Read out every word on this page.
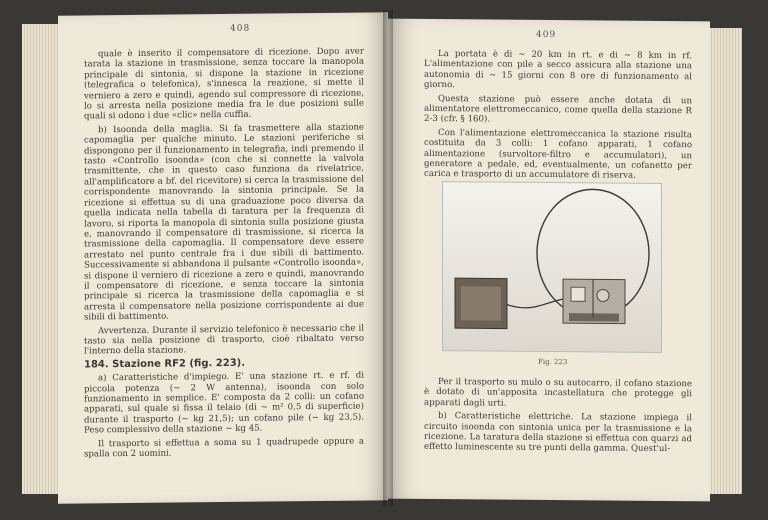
408

quale è inserito il compensatore di ricezione. Dopo aver tarata la stazione in trasmissione, senza toccare la manopola principale di sintonia, si dispone la stazione in ricezione (telegrafica o telefonica), s'innesca la reazione, si mette il verniero a zero e quindi, agendo sul compressore di ricezione, lo si arresta nella posizione media fra le due posizioni sulle quali si odono i due «clic» nella cuffia.

b) Isoonda della maglia. Si fa trasmettere alla stazione capomaglia per qualche minuto. Le stazioni periferiche si dispongono per il funzionamento in telegrafia, indi premendo il tasto «Controllo isoonda» (con che si connette la valvola trasmittente, che in questo caso funziona da rivelatrice, all'amplificatore a bf. del ricevitore) si cerca la trasmissione del corrispondente manovrando la sintonia principale. Se la ricezione si effettua su di una graduazione poco diversa da quella indicata nella tabella di taratura per la frequenza di lavoro, si riporta la manopola di sintonia sulla posizione giusta e, manovrando il compensatore di trasmissione, si ricerca la trasmissione della capomaglia. Il compensatore deve essere arrestato nel punto centrale fra i due sibili di battimento. Successivamente si abbandona il pulsante «Controllo isoonda», si dispone il verniero di ricezione a zero e quindi, manovrando il compensatore di ricezione, e senza toccare la sintonia principale si ricerca la trasmissione della capomaglia e si arresta il compensatore nella posizione corrispondente ai due sibili di battimento.

Avvertenza. Durante il servizio telefonico è necessario che il tasto sia nella posizione di trasporto, cioè ribaltato verso l'interno della stazione.

184. Stazione RF2 (fig. 223).

a) Caratteristiche d'impiego. E' una stazione rt. e rf. di piccola potenza (~ 2 W antenna), isoonda con solo funzionamento in semplice. E' composta da 2 colli: un cofano apparati, sul quale si fissa il telaio (di ~ m² 0,5 di superficie) durante il trasporto (~ kg 21,5); un cofano pile (~ kg 23,5). Peso complessivo della stazione ~ kg 45.

Il trasporto si effettua a soma su 1 quadrupede oppure a spalla con 2 uomini.

409

La portata è di ~ 20 km in rt. e di ~ 8 km in rf. L'alimentazione con pile a secco assicura alla stazione una autonomia di ~ 15 giorni con 8 ore di funzionamento al giorno.

Questa stazione può essere anche dotata di un alimentatore elettromeccanico, come quella della stazione R 2-3 (cfr. § 160).

Con l'alimentazione elettromeccanica la stazione risulta costituita da 3 colli: 1 cofano apparati, 1 cofano alimentazione (survoltore-filtro e accumulatori), un generatore a pedale, ed, eventualmente, un cofanetto per carica e trasporto di un accumulatore di riserva.

Fig. 223

Per il trasporto su mulo o su autocarro, il cofano stazione è dotato di un'apposita incastellatura che protegge gli apparati dagli urti.

b) Caratteristiche elettriche. La stazione impiega il circuito isoonda con sintonia unica per la trasmissione e la ricezione. La taratura della stazione si effettua con quarzi ad effetto luminescente su tre punti della gamma. Quest'ul-
